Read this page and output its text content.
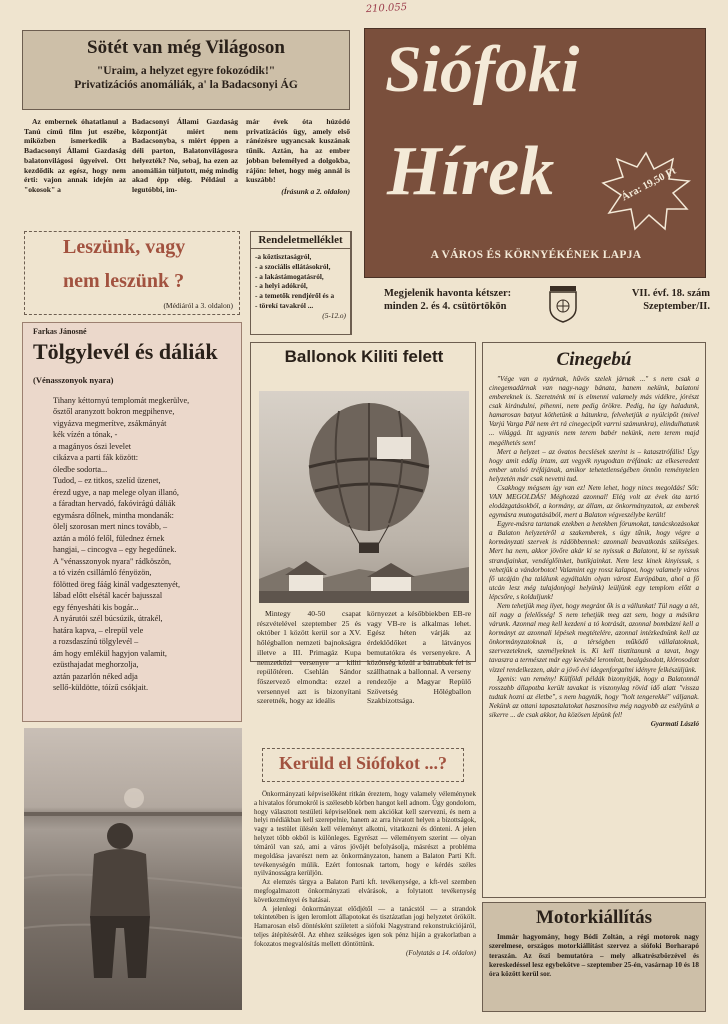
Sötét van még Világoson

"Uraim, a helyzet egyre fokozódik!"

Privatizációs anomáliák, a' la Badacsonyi ÁG

Az embernek óhatatlanul a Tanú című film jut eszébe, miközben ismerkedik a Badacsonyi Állami Gazdaság balatonvilágosi ügyeivel. Ott kezdődik az egész, hogy nem érti: vajon annak idején az "okosok" a

Badacsonyi Állami Gazdaság központját miért nem Badacsonyba, s miért éppen a déli parton, Balatonvilágosra helyezték? No, sebaj, ha ezen az anomálián túljutott, még mindig akad épp elég. Például a legutóbbi, im-

már évek óta húzódó privatizációs ügy, amely első ránézésre ugyancsak kuszának tűnik. Aztán, ha az ember jobban belemélyed a dolgokba, rájön: lehet, hogy még annál is kuszább!

(Írásunk a 2. oldalon)

Siófoki
Hírek	Ára: 19,50 Ft
A VÁROS ÉS KÖRNYÉKÉNEK LAPJA
210.055
Megjelenik havonta kétszer:
minden 2. és 4. csütörtökön
VII. évf. 18. szám
Szeptember/II.
Leszünk, vagy
nem leszünk ?
(Médiáról a 3. oldalon)
Rendeletmelléklet
-a köztisztaságról,
- a szociális ellátásokról,
- a lakástámogatásról,
- a helyi adókról,
- a temetők rendjéről és a
- törekí tavakról ...
(5-12.o)
Farkas Jánosné
Tölgylevél és dáliák
(Vénasszonyok nyara)

Tihany kéttornyú templomát megkerülve,

ősztől aranyzott bokron megpihenve,

vigyázva megmerítve, zsákmányát

kék vízén a tónak, -

a magányos ószi levelet

cikázva a parti fák között:

óledbe sodorta...

Tudod, – ez titkos, szelíd üzenet,

érezd ugye, a nap melege olyan illanó,

a fáradtan hervadó, fakóvirágú dáliák

egymásra dőlnek, mintha mondanák:

ölelj szorosan mert nincs tovább, –

aztán a móló felől, fülednez érnek

hangjai, – cincogva – egy hegedűnek.

A "vénasszonyok nyara" rádköszön,

a tó vizén csillámló fényözön,

fölötted öreg fáág kinál vadgesztenyét,

lábad előtt elsétál kacér bajusszal

egy fényesháti kis bogár...

A nyárutói szél búcsúzik, útrakél,

határa kapva, – elrepül vele

a rozsdaszínú tölgylevél –

ám hogy emlékül hagyjon valamit,

ezüsthajadat meghorzolja,

aztán pazarlón néked adja

sellő-küldötte, tóízű csókjait.

Ballonok Kiliti felett

Mintegy 40-50 csapat részvételével szeptember 25 és október 1 között kerül sor a XV. hőlégballon nemzeti bajnokságra illetve a III. Primagáz Kupa nemzetközi versenyre a kiliti repülőtéren. Csehlán Sándor főszervező elmondta: ezzel a versennyel azt is bizonyítani szeretnék, hogy az ideális

környezet a későbbiekben EB-re vagy VB-re is alkalmas lehet. Egész héten várják az érdeklődőket a látványos bemutatókra és versenyekre. A közönség közül a bátrabbak fel is szállhatnak a ballonnal. A verseny rendezője a Magyar Repülő Szövetség Hőlégballon Szakbizottsága.

Kerüld el Siófokot ...?

Önkormányzati képviselőként ritkán éreztem, hogy valamely véleménynek a hivatalos fórumokról is szélesebb körben hangot kell adnom. Úgy gondolom, hogy választott testületi képviselőnek nem akciókat kell szervezni, és nem a helyi médiákban kell szerepelnie, hanem az arra hivatott helyen a bizottságok, vagy a testület ülésén kell véleményt alkotni, vitatkozni és dönteni. A jelen helyzet több okból is különleges. Egyrészt — véleményem szerint — olyan témáról van szó, ami a város jövőjét befolyásolja, másrészt a probléma megoldása javarészt nem az önkormányzaton, hanem a Balaton Parti Kft. tevékenységén múlik. Ezért fontosnak tartom, hogy e kérdés széles nyilvánosságra kerüljön.

Az elemzés tárgya a Balaton Parti kft. tevékenysége, a kft-vel szemben megfogalmazott önkormányzati elvárások, a folytatott tevékenység következményei és hatásai.

A jelenlegi önkormányzat elődjétől — a tanácstól — a strandok tekintetében is igen leromlott állapotokat és tisztázatlan jogi helyzetet örökölt. Hamarosan első döntésként született a siófoki Nagystrand rekonstrukciójáról, teljes átépítéséről. Az ehhez szükséges igen sok pénz hiján a gyakorlatban a fokozatos megvalósítás mellett döntöttünk.

(Folytatás a 14. oldalon)

Cinegebú

"Vége van a nyárnak, hűvös szelek járnak ..." s nem csak a cinegemadárnak van nagy-nagy bánata, hanem nekünk, balatoni embereknek is. Szeretnénk mi is elmenni valamely más vidékre, jórészt csak kirándulni, pihenni, nem pedig örökre. Pedig, ha így haladunk, hamarosan batyut köthetünk a hátunkra, felvehetjük a nyúlcipőt (mivel Varjú Varga Pál nem ért rá cinegecipőt varrni számunkra), elindulhatunk ... világgá. Itt ugyanis nem terem babér nekünk, nem terem majd megélhetés sem!

Mert a helyzet – az óvatos becslések szerint is – katasztrófális! Úgy hogy amit eddig írtam, azt vegyék nyugodtan tréfának: az elkeseredett ember utolsó tréfájának, amikor tehetetlenségében önnön reménytelen helyzetén már csak nevetni tud.

Csakhogy mégsem így van ez! Nem lehet, hogy nincs megoldás! Sőt: VAN MEGOLDÁS! Méghozzá azonnal! Elég volt az évek óta tartó elodázgatásokból, a kormány, az állam, az önkormányzatok, az emberek egymásra mutogatásából, mert a Balaton végveszélybe került!

Egyre-másra tartanak ezekben a hetekben fórumokat, tanácskozásokat a Balaton helyzetéről a szakemberek, s úgy tűnik, hogy végre a kormányzati szervek is rádöbbennek: azonnali beavatkozás szükséges. Mert ha nem, akkor jövőre akár ki se nyissuk a Balatont, ki se nyissuk strandjainkat, vendéglőinket, butikjainkat. Nem lesz kinek kinyissuk, s vehetjük a vándorbotot! Valamint egy rossz kalapot, hogy valamely város fő utcáján (ha találunk egyáltalán olyan várost Európában, ahol a fő utcán lesz még tulajdonjogi helyünk) leüljünk egy templom előtt a lépcsőre, s kolduljunk!

Nem tehetjük meg ilyet, hogy megránt ők is a vállunkat! Túl nagy a tét, túl nagy a felelősség! S nem tehetjük meg azt sem, hogy a másikra várunk. Azonnal meg kell kezdeni a tó kotrását, azonnal bombázni kell a kormányt az azonnali lépések megtételére, azonnal intézkednünk kell az önkormányzatoknak is, a térségben működő vállalatoknak, szervezeteknek, személyeknek is. Ki kell tisztítanunk a tavat, hogy tavaszra a természet már egy kevésbé leromlott, bealgásodott, klórosodott vízzel rendelkezzen, akár a jövő évi idegenforgalmi idényre felkészüljünk.

Igenis: van remény! Külföldi példák bizonyítják, hogy a Balatonnál rosszabb állapotba került tavakat is viszonylag rövid idő alatt "vissza tudtak hozni az életbe", s nem hagyták, hogy "holt tengerekké" váljanak. Nekünk az ottani tapasztalatokat hasznosítva még nagyobb az esélyünk a sikerre ... de csak akkor, ha közösen lépünk fel!

Gyarmati László

Motorkiállítás

Immár hagyomány, hogy Bódi Zoltán, a régi motorok nagy szerelmese, országos motorkiállítást szervez a siófoki Borharapó teraszán. Az őszi bemutatóra – mely alkatrészbörzével és kereskedéssel lesz egybekötve – szeptember 25-én, vasárnap 10 és 18 óra között kerül sor.
